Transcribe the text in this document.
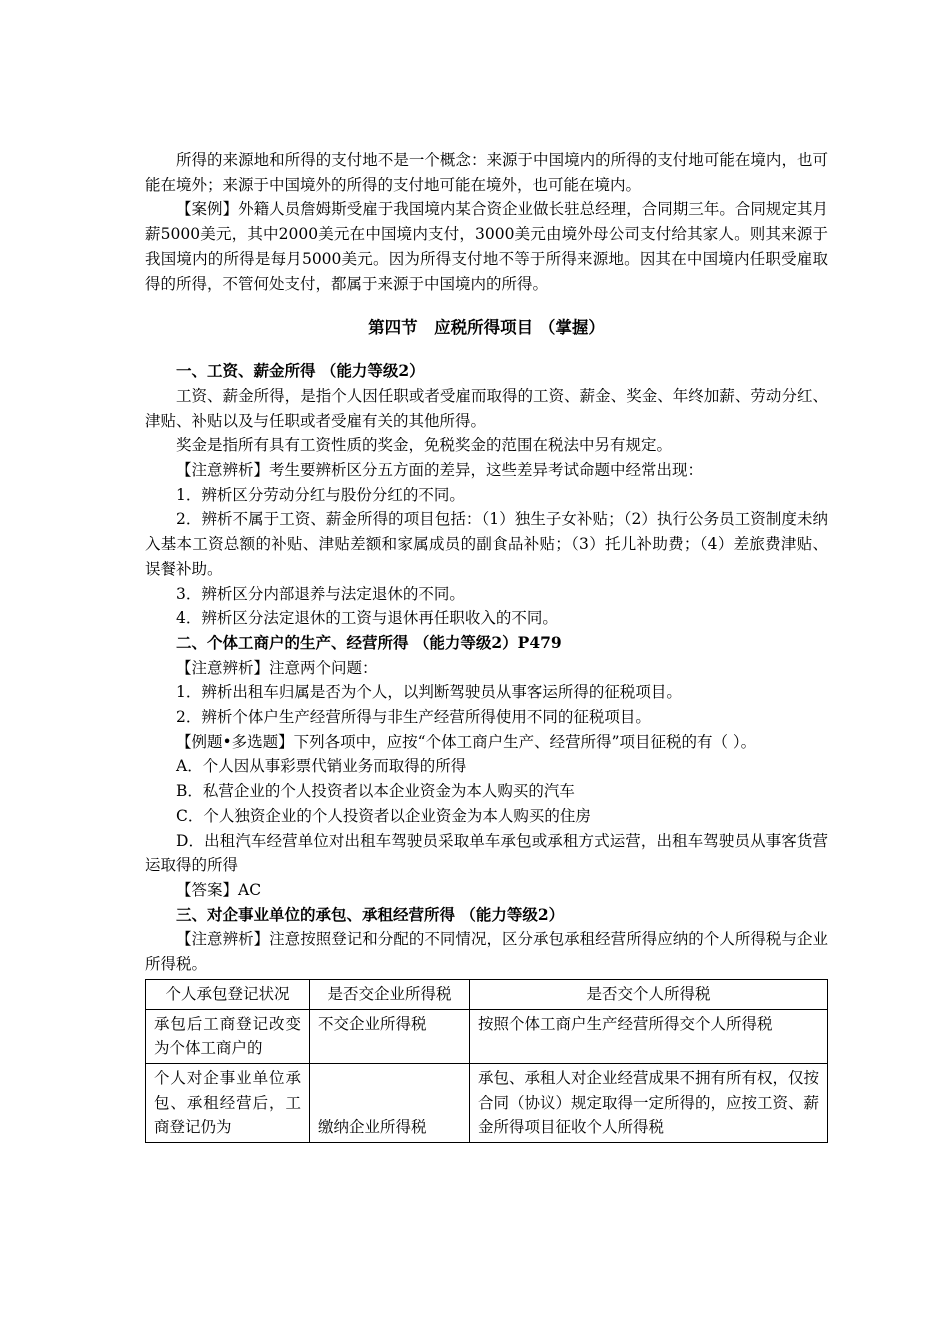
所得的来源地和所得的支付地不是一个概念：来源于中国境内的所得的支付地可能在境内，也可能在境外；来源于中国境外的所得的支付地可能在境外，也可能在境内。

【案例】外籍人员詹姆斯受雇于我国境内某合资企业做长驻总经理，合同期三年。合同规定其月薪5000美元，其中2000美元在中国境内支付，3000美元由境外母公司支付给其家人。则其来源于我国境内的所得是每月5000美元。因为所得支付地不等于所得来源地。因其在中国境内任职受雇取得的所得，不管何处支付，都属于来源于中国境内的所得。

第四节　应税所得项目 （掌握）

一、工资、薪金所得 （能力等级2）

工资、薪金所得，是指个人因任职或者受雇而取得的工资、薪金、奖金、年终加薪、劳动分红、津贴、补贴以及与任职或者受雇有关的其他所得。

奖金是指所有具有工资性质的奖金，免税奖金的范围在税法中另有规定。

【注意辨析】考生要辨析区分五方面的差异，这些差异考试命题中经常出现：

1．辨析区分劳动分红与股份分红的不同。

2．辨析不属于工资、薪金所得的项目包括：（1）独生子女补贴；（2）执行公务员工资制度未纳入基本工资总额的补贴、津贴差额和家属成员的副食品补贴；（3）托儿补助费；（4）差旅费津贴、误餐补助。

3．辨析区分内部退养与法定退休的不同。

4．辨析区分法定退休的工资与退休再任职收入的不同。

二、个体工商户的生产、经营所得 （能力等级2）P479

【注意辨析】注意两个问题：

1．辨析出租车归属是否为个人，以判断驾驶员从事客运所得的征税项目。

2．辨析个体户生产经营所得与非生产经营所得使用不同的征税项目。

【例题•多选题】下列各项中，应按“个体工商户生产、经营所得”项目征税的有（ ）。

A．个人因从事彩票代销业务而取得的所得

B．私营企业的个人投资者以本企业资金为本人购买的汽车

C．个人独资企业的个人投资者以企业资金为本人购买的住房

D．出租汽车经营单位对出租车驾驶员采取单车承包或承租方式运营，出租车驾驶员从事客货营运取得的所得

【答案】AC

三、对企事业单位的承包、承租经营所得 （能力等级2）

【注意辨析】注意按照登记和分配的不同情况，区分承包承租经营所得应纳的个人所得税与企业所得税。

个人承包登记状况	是否交企业所得税	是否交个人所得税
承包后工商登记改变为个体工商户的	不交企业所得税	按照个体工商户生产经营所得交个人所得税
个人对企事业单位承包、承租经营后，工商登记仍为	缴纳企业所得税	承包、承租人对企业经营成果不拥有所有权，仅按合同（协议）规定取得一定所得的，应按工资、薪金所得项目征收个人所得税
